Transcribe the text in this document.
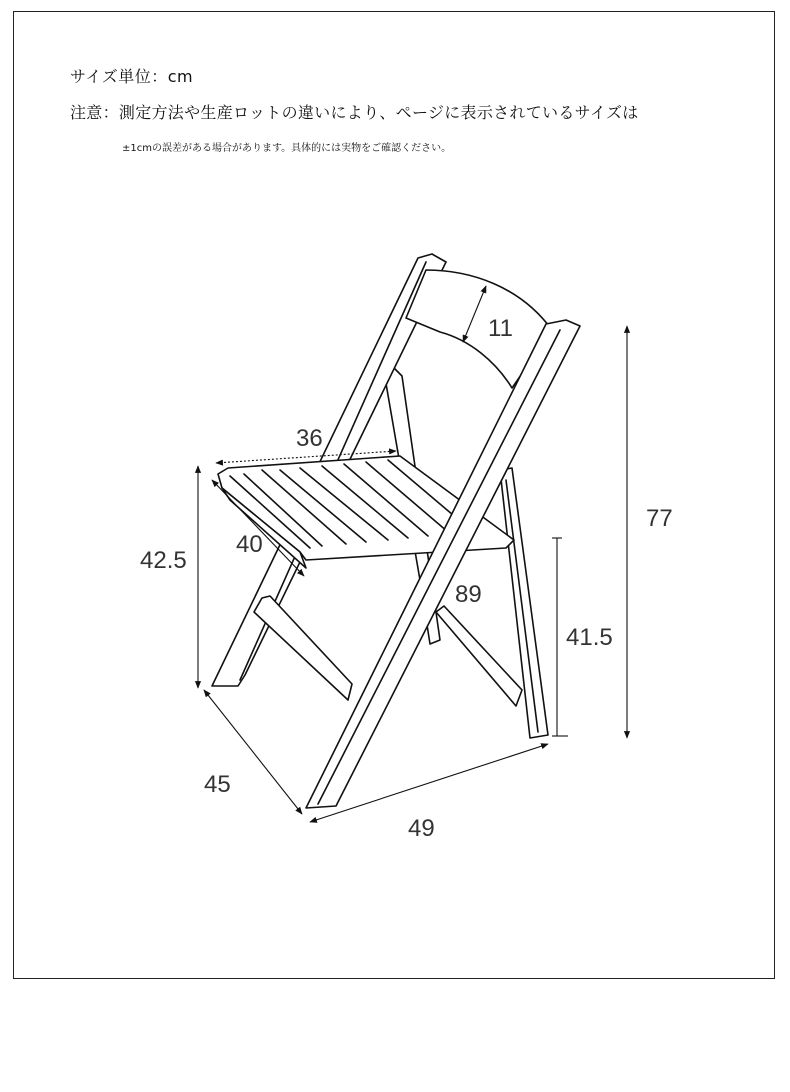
サイズ単位：cm
注意：測定方法や生産ロットの違いにより、ページに表示されているサイズは
±1cmの誤差がある場合があります。具体的には実物をご確認ください。
11
36
40
42.5
89
41.5
77
45
49
